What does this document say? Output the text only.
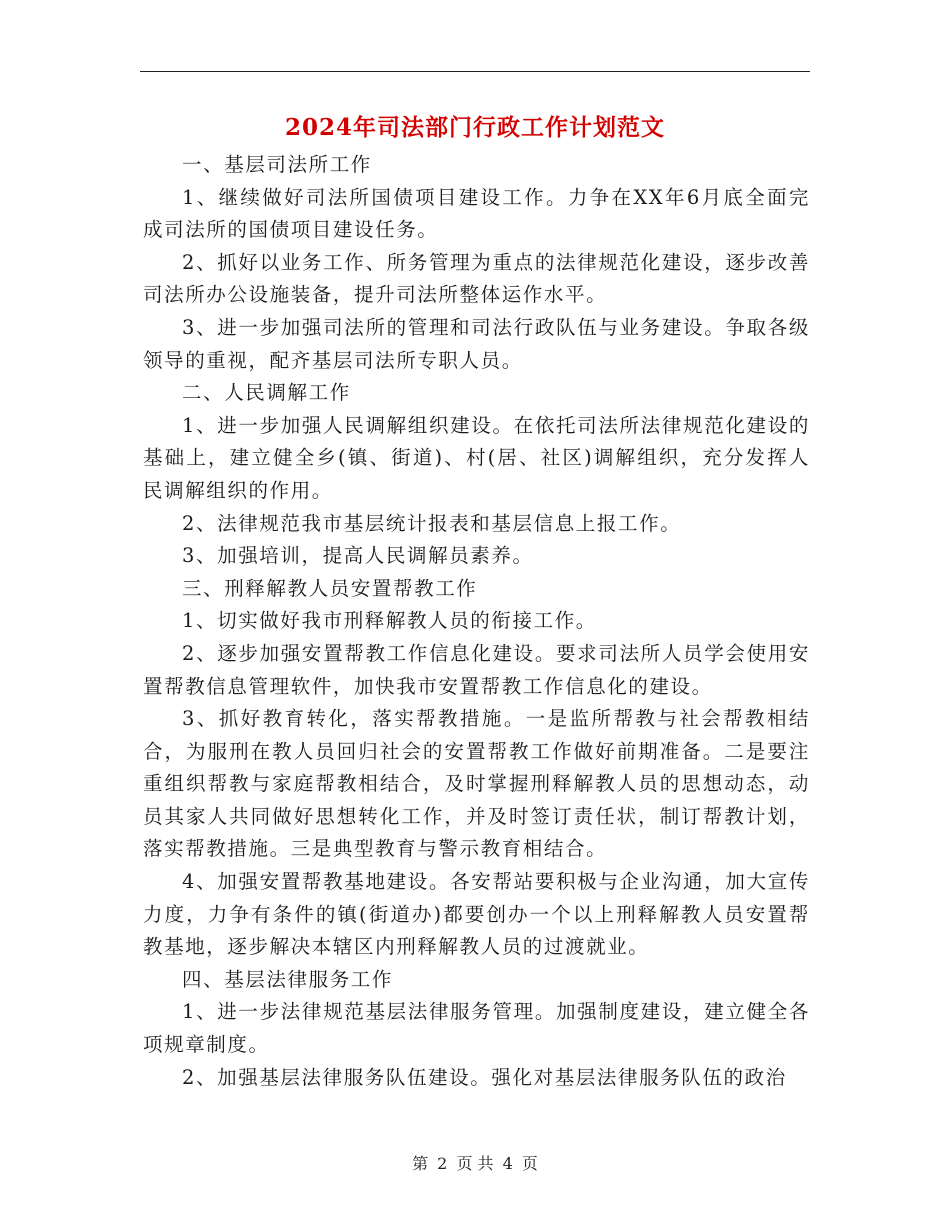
2024年司法部门行政工作计划范文

一、基层司法所工作

1、继续做好司法所国债项目建设工作。力争在XX年6月底全面完成司法所的国债项目建设任务。

2、抓好以业务工作、所务管理为重点的法律规范化建设，逐步改善司法所办公设施装备，提升司法所整体运作水平。

3、进一步加强司法所的管理和司法行政队伍与业务建设。争取各级领导的重视，配齐基层司法所专职人员。

二、人民调解工作

1、进一步加强人民调解组织建设。在依托司法所法律规范化建设的基础上，建立健全乡(镇、街道)、村(居、社区)调解组织，充分发挥人民调解组织的作用。

2、法律规范我市基层统计报表和基层信息上报工作。

3、加强培训，提高人民调解员素养。

三、刑释解教人员安置帮教工作

1、切实做好我市刑释解教人员的衔接工作。

2、逐步加强安置帮教工作信息化建设。要求司法所人员学会使用安置帮教信息管理软件，加快我市安置帮教工作信息化的建设。

3、抓好教育转化，落实帮教措施。一是监所帮教与社会帮教相结合，为服刑在教人员回归社会的安置帮教工作做好前期准备。二是要注重组织帮教与家庭帮教相结合，及时掌握刑释解教人员的思想动态，动员其家人共同做好思想转化工作，并及时签订责任状，制订帮教计划，落实帮教措施。三是典型教育与警示教育相结合。

4、加强安置帮教基地建设。各安帮站要积极与企业沟通，加大宣传力度，力争有条件的镇(街道办)都要创办一个以上刑释解教人员安置帮教基地，逐步解决本辖区内刑释解教人员的过渡就业。

四、基层法律服务工作

1、进一步法律规范基层法律服务管理。加强制度建设，建立健全各项规章制度。

2、加强基层法律服务队伍建设。强化对基层法律服务队伍的政治

第 2 页 共 4 页
